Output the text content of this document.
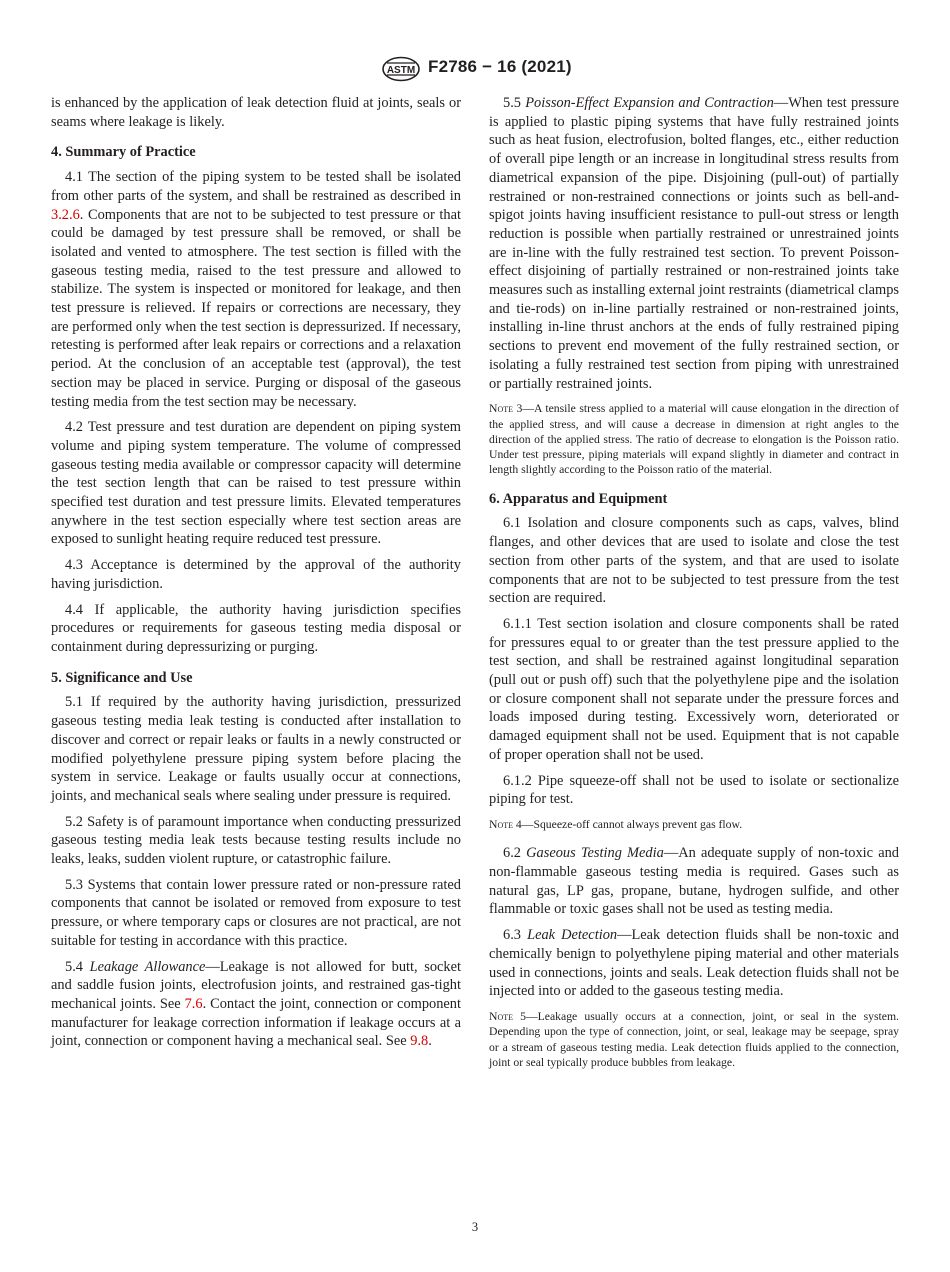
ASTM F2786 − 16 (2021)

is enhanced by the application of leak detection fluid at joints, seals or seams where leakage is likely.

4. Summary of Practice

4.1 The section of the piping system to be tested shall be isolated from other parts of the system, and shall be restrained as described in 3.2.6. Components that are not to be subjected to test pressure or that could be damaged by test pressure shall be removed, or shall be isolated and vented to atmosphere. The test section is filled with the gaseous testing media, raised to the test pressure and allowed to stabilize. The system is inspected or monitored for leakage, and then test pressure is relieved. If repairs or corrections are necessary, they are performed only when the test section is depressurized. If necessary, retesting is performed after leak repairs or corrections and a relaxation period. At the conclusion of an acceptable test (approval), the test section may be placed in service. Purging or disposal of the gaseous testing media from the test section may be necessary.

4.2 Test pressure and test duration are dependent on piping system volume and piping system temperature. The volume of compressed gaseous testing media available or compressor capacity will determine the test section length that can be raised to test pressure within specified test duration and test pressure limits. Elevated temperatures anywhere in the test section especially where test section areas are exposed to sunlight heating require reduced test pressure.

4.3 Acceptance is determined by the approval of the authority having jurisdiction.

4.4 If applicable, the authority having jurisdiction specifies procedures or requirements for gaseous testing media disposal or containment during depressurizing or purging.

5. Significance and Use

5.1 If required by the authority having jurisdiction, pressurized gaseous testing media leak testing is conducted after installation to discover and correct or repair leaks or faults in a newly constructed or modified polyethylene pressure piping system before placing the system in service. Leakage or faults usually occur at connections, joints, and mechanical seals where sealing under pressure is required.

5.2 Safety is of paramount importance when conducting pressurized gaseous testing media leak tests because testing results include no leaks, leaks, sudden violent rupture, or catastrophic failure.

5.3 Systems that contain lower pressure rated or non-pressure rated components that cannot be isolated or removed from exposure to test pressure, or where temporary caps or closures are not practical, are not suitable for testing in accordance with this practice.

5.4 Leakage Allowance—Leakage is not allowed for butt, socket and saddle fusion joints, electrofusion joints, and restrained gas-tight mechanical joints. See 7.6. Contact the joint, connection or component manufacturer for leakage correction information if leakage occurs at a joint, connection or component having a mechanical seal. See 9.8.

5.5 Poisson-Effect Expansion and Contraction—When test pressure is applied to plastic piping systems that have fully restrained joints such as heat fusion, electrofusion, bolted flanges, etc., either reduction of overall pipe length or an increase in longitudinal stress results from diametrical expansion of the pipe. Disjoining (pull-out) of partially restrained or non-restrained connections or joints such as bell-and-spigot joints having insufficient resistance to pull-out stress or length reduction is possible when partially restrained or unrestrained joints are in-line with the fully restrained test section. To prevent Poisson-effect disjoining of partially restrained or non-restrained joints take measures such as installing external joint restraints (diametrical clamps and tie-rods) on in-line partially restrained or non-restrained joints, installing in-line thrust anchors at the ends of fully restrained piping sections to prevent end movement of the fully restrained section, or isolating a fully restrained test section from piping with unrestrained or partially restrained joints.

Note 3—A tensile stress applied to a material will cause elongation in the direction of the applied stress, and will cause a decrease in dimension at right angles to the direction of the applied stress. The ratio of decrease to elongation is the Poisson ratio. Under test pressure, piping materials will expand slightly in diameter and contract in length slightly according to the Poisson ratio of the material.

6. Apparatus and Equipment

6.1 Isolation and closure components such as caps, valves, blind flanges, and other devices that are used to isolate and close the test section from other parts of the system, and that are used to isolate components that are not to be subjected to test pressure from the test section are required.

6.1.1 Test section isolation and closure components shall be rated for pressures equal to or greater than the test pressure applied to the test section, and shall be restrained against longitudinal separation (pull out or push off) such that the polyethylene pipe and the isolation or closure component shall not separate under the pressure forces and loads imposed during testing. Excessively worn, deteriorated or damaged equipment shall not be used. Equipment that is not capable of proper operation shall not be used.

6.1.2 Pipe squeeze-off shall not be used to isolate or sectionalize piping for test.

Note 4—Squeeze-off cannot always prevent gas flow.

6.2 Gaseous Testing Media—An adequate supply of non-toxic and non-flammable gaseous testing media is required. Gases such as natural gas, LP gas, propane, butane, hydrogen sulfide, and other flammable or toxic gases shall not be used as testing media.

6.3 Leak Detection—Leak detection fluids shall be non-toxic and chemically benign to polyethylene piping material and other materials used in connections, joints and seals. Leak detection fluids shall not be injected into or added to the gaseous testing media.

Note 5—Leakage usually occurs at a connection, joint, or seal in the system. Depending upon the type of connection, joint, or seal, leakage may be seepage, spray or a stream of gaseous testing media. Leak detection fluids applied to the connection, joint or seal typically produce bubbles from leakage.

3
